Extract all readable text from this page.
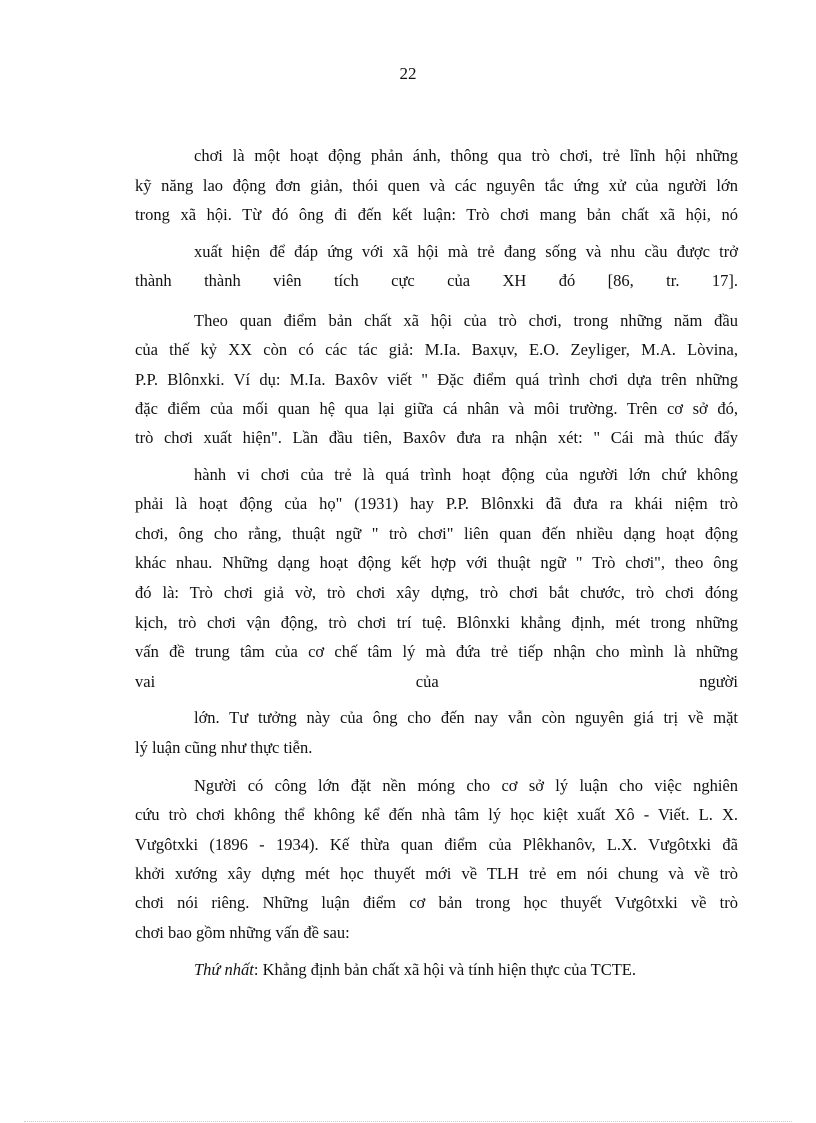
22
chơi là một hoạt động phản ánh, thông qua trò chơi, trẻ lĩnh hội những
kỹ năng lao động đơn giản, thói quen và các nguyên tắc ứng xử của người lớn
trong xã hội. Từ đó ông đi đến kết luận: Trò chơi mang bản chất xã hội, nó
xuất hiện để đáp ứng với xã hội mà trẻ đang sống và nhu cầu được trở
thành thành viên tích cực của XH đó [86, tr. 17].
Theo quan điểm bản chất xã hội của trò chơi, trong những năm đầu
của thế kỷ XX còn có các tác giả: M.Ia. Baxụv, E.O. Zeyliger, M.A. Lòvina,
P.P. Blônxki. Ví dụ: M.Ia. Baxôv viết " Đặc điểm quá trình chơi dựa trên những
đặc điểm của mối quan hệ qua lại giữa cá nhân và môi trường. Trên cơ sở đó,
trò chơi xuất hiện". Lần đầu tiên, Baxôv đưa ra nhận xét: " Cái mà thúc đẩy
hành vi chơi của trẻ là quá trình hoạt động của người lớn chứ không
phải là hoạt động của họ" (1931) hay P.P. Blônxki đã đưa ra khái niệm trò
chơi, ông cho rằng, thuật ngữ " trò chơi" liên quan đến nhiều dạng hoạt động
khác nhau. Những dạng hoạt động kết hợp với thuật ngữ " Trò chơi", theo ông
đó là: Trò chơi giả vờ, trò chơi xây dựng, trò chơi bắt chước, trò chơi đóng
kịch, trò chơi vận động, trò chơi trí tuệ. Blônxki khẳng định, mét trong những
vấn đề trung tâm của cơ chế tâm lý mà đứa trẻ tiếp nhận cho mình là những
vai của người
lớn. Tư tưởng này của ông cho đến nay vẫn còn nguyên giá trị về mặt
lý luận cũng như thực tiễn.
Người có công lớn đặt nền móng cho cơ sở lý luận cho việc nghiên
cứu trò chơi không thể không kể đến nhà tâm lý học kiệt xuất Xô - Viết. L. X.
Vưgôtxki (1896 - 1934). Kế thừa quan điểm của Plêkhanôv, L.X. Vưgôtxki đã
khởi xướng xây dựng mét học thuyết mới về TLH trẻ em nói chung và về trò
chơi nói riêng. Những luận điểm cơ bản trong học thuyết Vưgôtxki về trò
chơi bao gồm những vấn đề sau:
Thứ nhất: Khẳng định bản chất xã hội và tính hiện thực của TCTE.
